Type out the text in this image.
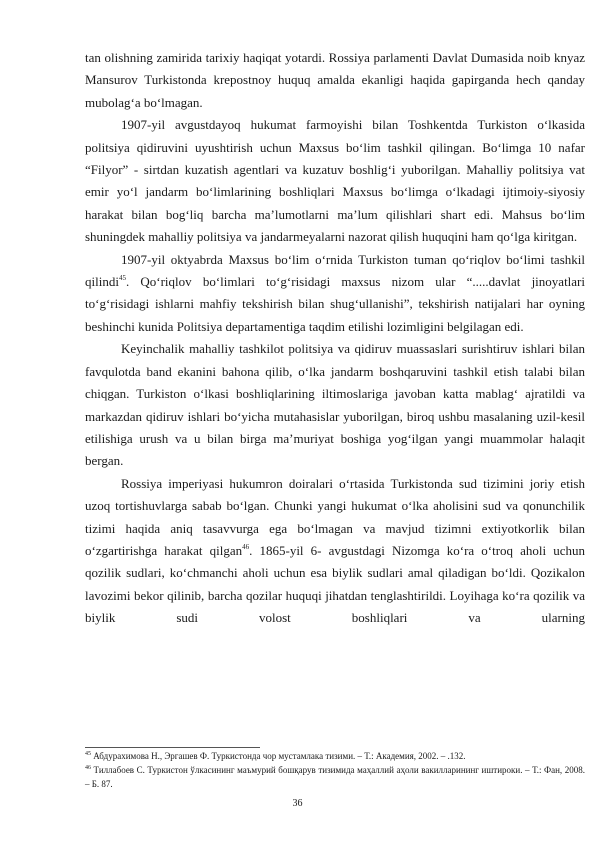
tan olishning zamirida tarixiy haqiqat yotardi. Rossiya parlamenti Davlat Dumasida noib knyaz Mansurov Turkistonda krepostnoy huquq amalda ekanligi haqida gapirganda hech qanday mubolag‘a bo‘lmagan.

1907-yil avgustdayoq hukumat farmoyishi bilan Toshkentda Turkiston o‘lkasida politsiya qidiruvini uyushtirish uchun Maxsus bo‘lim tashkil qilingan. Bo‘limga 10 nafar “Filyor” - sirtdan kuzatish agentlari va kuzatuv boshlig‘i yuborilgan. Mahalliy politsiya vat emir yo‘l jandarm bo‘limlarining boshliqlari Maxsus bo‘limga o‘lkadagi ijtimoiy-siyosiy harakat bilan bog‘liq barcha ma’lumotlarni ma’lum qilishlari shart edi. Mahsus bo‘lim shuningdek mahalliy politsiya va jandarmeyalarni nazorat qilish huquqini ham qo‘lga kiritgan.

1907-yil oktyabrda Maxsus bo‘lim o‘rnida Turkiston tuman qo‘riqlov bo‘limi tashkil qilindi$^{45}$. Qo‘riqlov bo‘limlari to‘g‘risidagi maxsus nizom ular “.....davlat jinoyatlari to‘g‘risidagi ishlarni mahfiy tekshirish bilan shug‘ullanishi”, tekshirish natijalari har oyning beshinchi kunida Politsiya departamentiga taqdim etilishi lozimligini belgilagan edi.

Keyinchalik mahalliy tashkilot politsiya va qidiruv muassaslari surishtiruv ishlari bilan favqulotda band ekanini bahona qilib, o‘lka jandarm boshqaruvini tashkil etish talabi bilan chiqgan. Turkiston o‘lkasi boshliqlarining iltimoslariga javoban katta mablag‘ ajratildi va markazdan qidiruv ishlari bo‘yicha mutahasislar yuborilgan, biroq ushbu masalaning uzil-kesil etilishiga urush va u bilan birga ma’muriyat boshiga yog‘ilgan yangi muammolar halaqit bergan.

Rossiya imperiyasi hukumron doiralari o‘rtasida Turkistonda sud tizimini joriy etish uzoq tortishuvlarga sabab bo‘lgan. Chunki yangi hukumat o‘lka aholisini sud va qonunchilik tizimi haqida aniq tasavvurga ega bo‘lmagan va mavjud tizimni extiyotkorlik bilan o‘zgartirishga harakat qilgan$^{46}$. 1865-yil 6- avgustdagi Nizomga ko‘ra o‘troq aholi uchun qozilik sudlari, ko‘chmanchi aholi uchun esa biylik sudlari amal qiladigan bo‘ldi. Qozikalon lavozimi bekor qilinib, barcha qozilar huquqi jihatdan tenglashtirildi. Loyihaga ko‘ra qozilik va biylik sudi volost boshliqlari va ularning

$^{45}$ Абдурахимова Н., Эргашев Ф. Туркистонда чор мустамлака тизими. – Т.: Академия, 2002. – .132.

$^{46}$ Тиллабоев С. Туркистон ўлкасининг маъмурий бошқарув тизимида маҳаллий аҳоли вакилларининг иштироки. – Т.: Фан, 2008. – Б. 87.

36
